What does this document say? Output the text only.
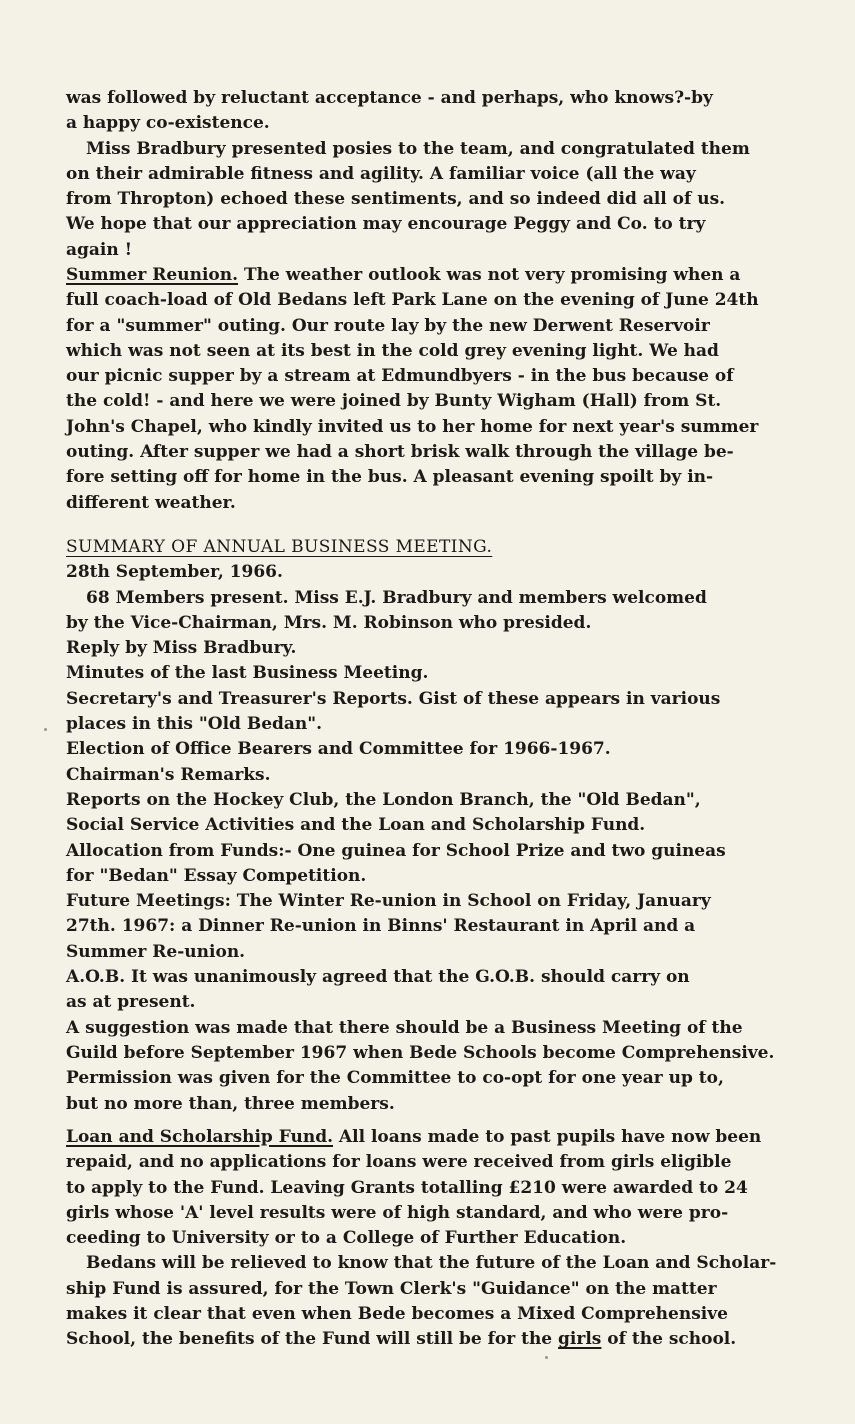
was followed by reluctant acceptance - and perhaps, who knows?-by
a happy co-existence.
Miss Bradbury presented posies to the team, and congratulated them
on their admirable fitness and agility. A familiar voice (all the way
from Thropton) echoed these sentiments, and so indeed did all of us.
We hope that our appreciation may encourage Peggy and Co. to try
again !
Summer Reunion. The weather outlook was not very promising when a
full coach-load of Old Bedans left Park Lane on the evening of June 24th
for a "summer" outing. Our route lay by the new Derwent Reservoir
which was not seen at its best in the cold grey evening light. We had
our picnic supper by a stream at Edmundbyers - in the bus because of
the cold! - and here we were joined by Bunty Wigham (Hall) from St.
John's Chapel, who kindly invited us to her home for next year's summer
outing. After supper we had a short brisk walk through the village be-
fore setting off for home in the bus. A pleasant evening spoilt by in-
different weather.
SUMMARY OF ANNUAL BUSINESS MEETING.
28th September, 1966.
68 Members present. Miss E.J. Bradbury and members welcomed
by the Vice-Chairman, Mrs. M. Robinson who presided.
Reply by Miss Bradbury.
Minutes of the last Business Meeting.
Secretary's and Treasurer's Reports. Gist of these appears in various
places in this "Old Bedan".
Election of Office Bearers and Committee for 1966-1967.
Chairman's Remarks.
Reports on the Hockey Club, the London Branch, the "Old Bedan",
Social Service Activities and the Loan and Scholarship Fund.
Allocation from Funds:- One guinea for School Prize and two guineas
for "Bedan" Essay Competition.
Future Meetings: The Winter Re-union in School on Friday, January
27th. 1967: a Dinner Re-union in Binns' Restaurant in April and a
Summer Re-union.
A.O.B. It was unanimously agreed that the G.O.B. should carry on
as at present.
A suggestion was made that there should be a Business Meeting of the
Guild before September 1967 when Bede Schools become Comprehensive.
Permission was given for the Committee to co-opt for one year up to,
but no more than, three members.
Loan and Scholarship Fund. All loans made to past pupils have now been
repaid, and no applications for loans were received from girls eligible
to apply to the Fund. Leaving Grants totalling £210 were awarded to 24
girls whose 'A' level results were of high standard, and who were pro-
ceeding to University or to a College of Further Education.
Bedans will be relieved to know that the future of the Loan and Scholar-
ship Fund is assured, for the Town Clerk's "Guidance" on the matter
makes it clear that even when Bede becomes a Mixed Comprehensive
School, the benefits of the Fund will still be for the girls of the school.
